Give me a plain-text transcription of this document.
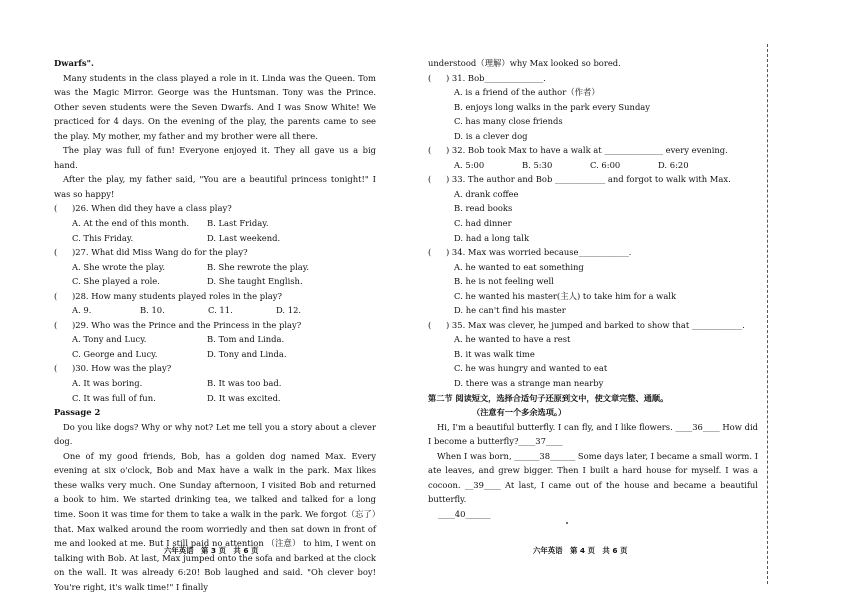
Dwarfs".

Many students in the class played a role in it. Linda was the Queen. Tom was the Magic Mirror. George was the Huntsman. Tony was the Prince. Other seven students were the Seven Dwarfs. And I was Snow White! We practiced for 4 days. On the evening of the play, the parents came to see the play. My mother, my father and my brother were all there.

The play was full of fun! Everyone enjoyed it. They all gave us a big hand.

After the play, my father said, "You are a beautiful princess tonight!" I was so happy!

(	)26. When did they have a class play?
A. At the end of this month.	B. Last Friday.
C. This Friday.	D. Last weekend.
(	)27. What did Miss Wang do for the play?
A. She wrote the play.	B. She rewrote the play.
C. She played a role.	D. She taught English.
(	)28. How many students played roles in the play?
A. 9.	B. 10.	C. 11.	D. 12.
(	)29. Who was the Prince and the Princess in the play?
A. Tony and Lucy.	B. Tom and Linda.
C. George and Lucy.	D. Tony and Linda.
(	)30. How was the play?
A. It was boring.	B. It was too bad.
C. It was full of fun.	D. It was excited.

Passage 2

Do you like dogs? Why or why not? Let me tell you a story about a clever dog.

One of my good friends, Bob, has a golden dog named Max. Every evening at six o'clock, Bob and Max have a walk in the park. Max likes these walks very much. One Sunday afternoon, I visited Bob and returned a book to him. We started drinking tea, we talked and talked for a long time. Soon it was time for them to take a walk in the park. We forgot（忘了）that. Max walked around the room worriedly and then sat down in front of me and looked at me. But I still paid no attention （注意） to him, I went on talking with Bob. At last, Max jumped onto the sofa and barked at the clock on the wall. It was already 6:20! Bob laughed and said. "Oh clever boy! You're right, it's walk time!" I finally

understood（理解）why Max looked so bored.

(	) 31. Bob______________.
A. is a friend of the author（作者）
B. enjoys long walks in the park every Sunday
C. has many close friends
D. is a clever dog
(	) 32. Bob took Max to have a walk at ______________ every evening.
A. 5:00	B. 5:30	C. 6:00	D. 6:20
(	) 33. The author and Bob ____________ and forgot to walk with Max.
A. drank coffee
B. read books
C. had dinner
D. had a long talk
(	) 34. Max was worried because____________.
A. he wanted to eat something
B. he is not feeling well
C. he wanted his master(主人) to take him for a walk
D. he can't find his master
(	) 35. Max was clever, he jumped and barked to show that ____________.
A. he wanted to have a rest
B. it was walk time
C. he was hungry and wanted to eat
D. there was a strange man nearby

第二节 阅读短文，选择合适句子还原到文中，使文章完整、通顺。

（注意有一个多余选项。）

Hi, I'm a beautiful butterfly. I can fly, and I like flowers. ____36____ How did I become a butterfly?____37____

When I was born, ______38______ Some days later, I became a small worm. I ate leaves, and grew bigger. Then I built a hard house for myself. I was a cocoon. __39____ At last, I came out of the house and became a beautiful butterfly.

____40______

六年英语　第 3 页　共 6 页	六年英语　第 4 页　共 6 页
